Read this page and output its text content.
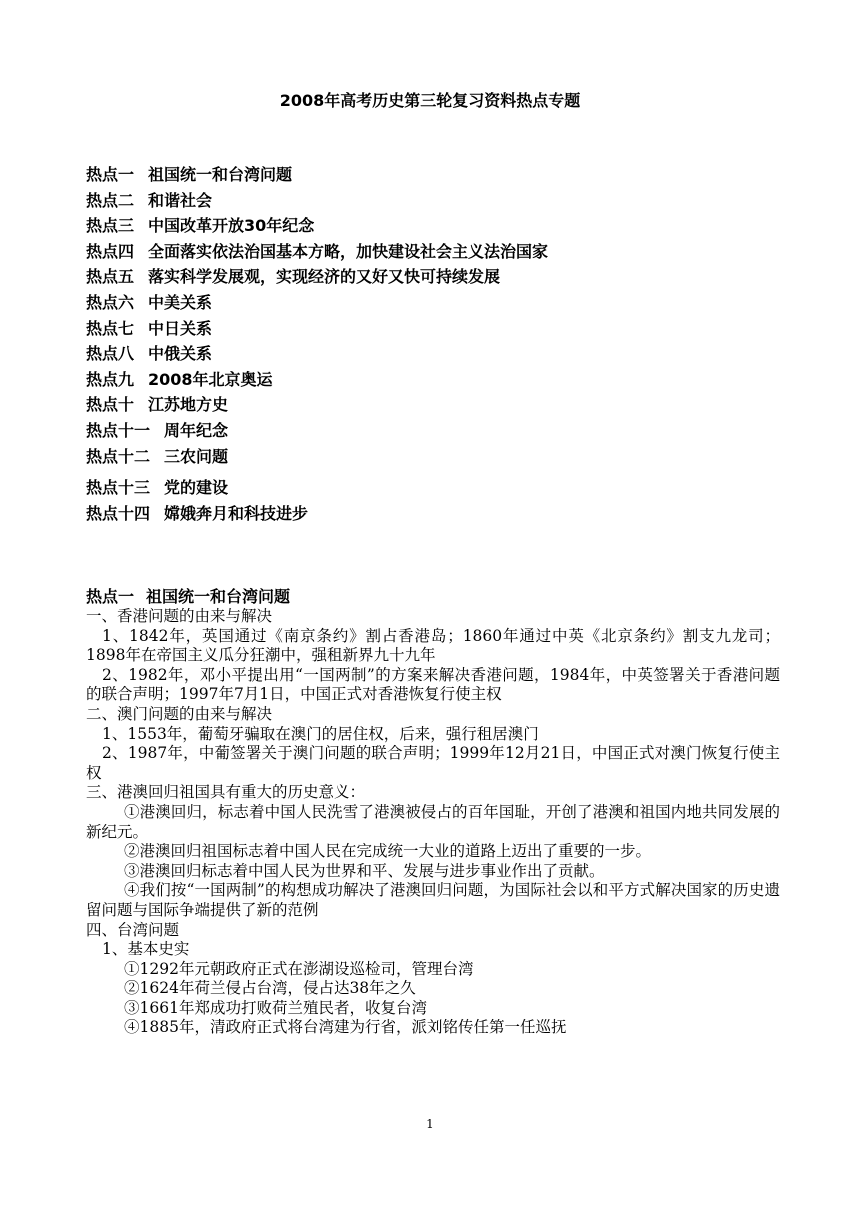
2008年高考历史第三轮复习资料热点专题
热点一 祖国统一和台湾问题
热点二 和谐社会
热点三 中国改革开放30年纪念
热点四 全面落实依法治国基本方略，加快建设社会主义法治国家
热点五 落实科学发展观，实现经济的又好又快可持续发展
热点六 中美关系
热点七 中日关系
热点八 中俄关系
热点九 2008年北京奥运
热点十 江苏地方史
热点十一 周年纪念
热点十二 三农问题
热点十三 党的建设
热点十四 嫦娥奔月和科技进步
热点一 祖国统一和台湾问题

一、香港问题的由来与解决

1、1842年，英国通过《南京条约》割占香港岛；1860年通过中英《北京条约》割支九龙司；1898年在帝国主义瓜分狂潮中，强租新界九十九年

2、1982年，邓小平提出用“一国两制”的方案来解决香港问题，1984年，中英签署关于香港问题的联合声明；1997年7月1日，中国正式对香港恢复行使主权

二、澳门问题的由来与解决

1、1553年，葡萄牙骗取在澳门的居住权，后来，强行租居澳门

2、1987年，中葡签署关于澳门问题的联合声明；1999年12月21日，中国正式对澳门恢复行使主权

三、港澳回归祖国具有重大的历史意义：

①港澳回归，标志着中国人民洗雪了港澳被侵占的百年国耻，开创了港澳和祖国内地共同发展的新纪元。

②港澳回归祖国标志着中国人民在完成统一大业的道路上迈出了重要的一步。

③港澳回归标志着中国人民为世界和平、发展与进步事业作出了贡献。

④我们按“一国两制”的构想成功解决了港澳回归问题，为国际社会以和平方式解决国家的历史遗留问题与国际争端提供了新的范例

四、台湾问题

1、基本史实

①1292年元朝政府正式在澎湖设巡检司，管理台湾

②1624年荷兰侵占台湾，侵占达38年之久

③1661年郑成功打败荷兰殖民者，收复台湾

④1885年，清政府正式将台湾建为行省，派刘铭传任第一任巡抚

1
